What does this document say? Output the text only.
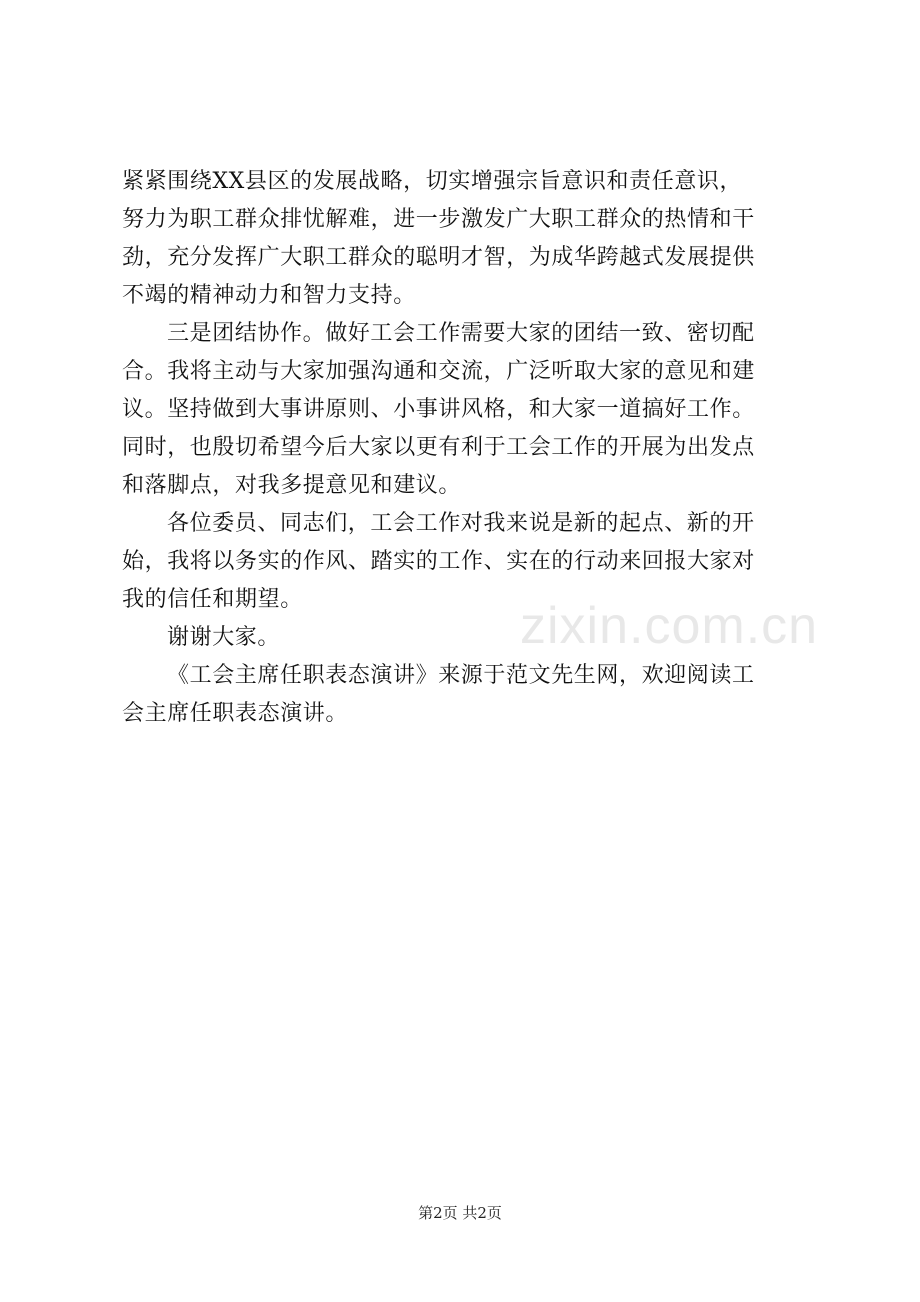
紧紧围绕XX县区的发展战略，切实增强宗旨意识和责任意识，
努力为职工群众排忧解难，进一步激发广大职工群众的热情和干
劲，充分发挥广大职工群众的聪明才智，为成华跨越式发展提供
不竭的精神动力和智力支持。
三是团结协作。做好工会工作需要大家的团结一致、密切配
合。我将主动与大家加强沟通和交流，广泛听取大家的意见和建
议。坚持做到大事讲原则、小事讲风格，和大家一道搞好工作。
同时，也殷切希望今后大家以更有利于工会工作的开展为出发点
和落脚点，对我多提意见和建议。
各位委员、同志们，工会工作对我来说是新的起点、新的开
始，我将以务实的作风、踏实的工作、实在的行动来回报大家对
我的信任和期望。
谢谢大家。
《工会主席任职表态演讲》来源于范文先生网，欢迎阅读工
会主席任职表态演讲。
zixin.com.cn
第2页 共2页
